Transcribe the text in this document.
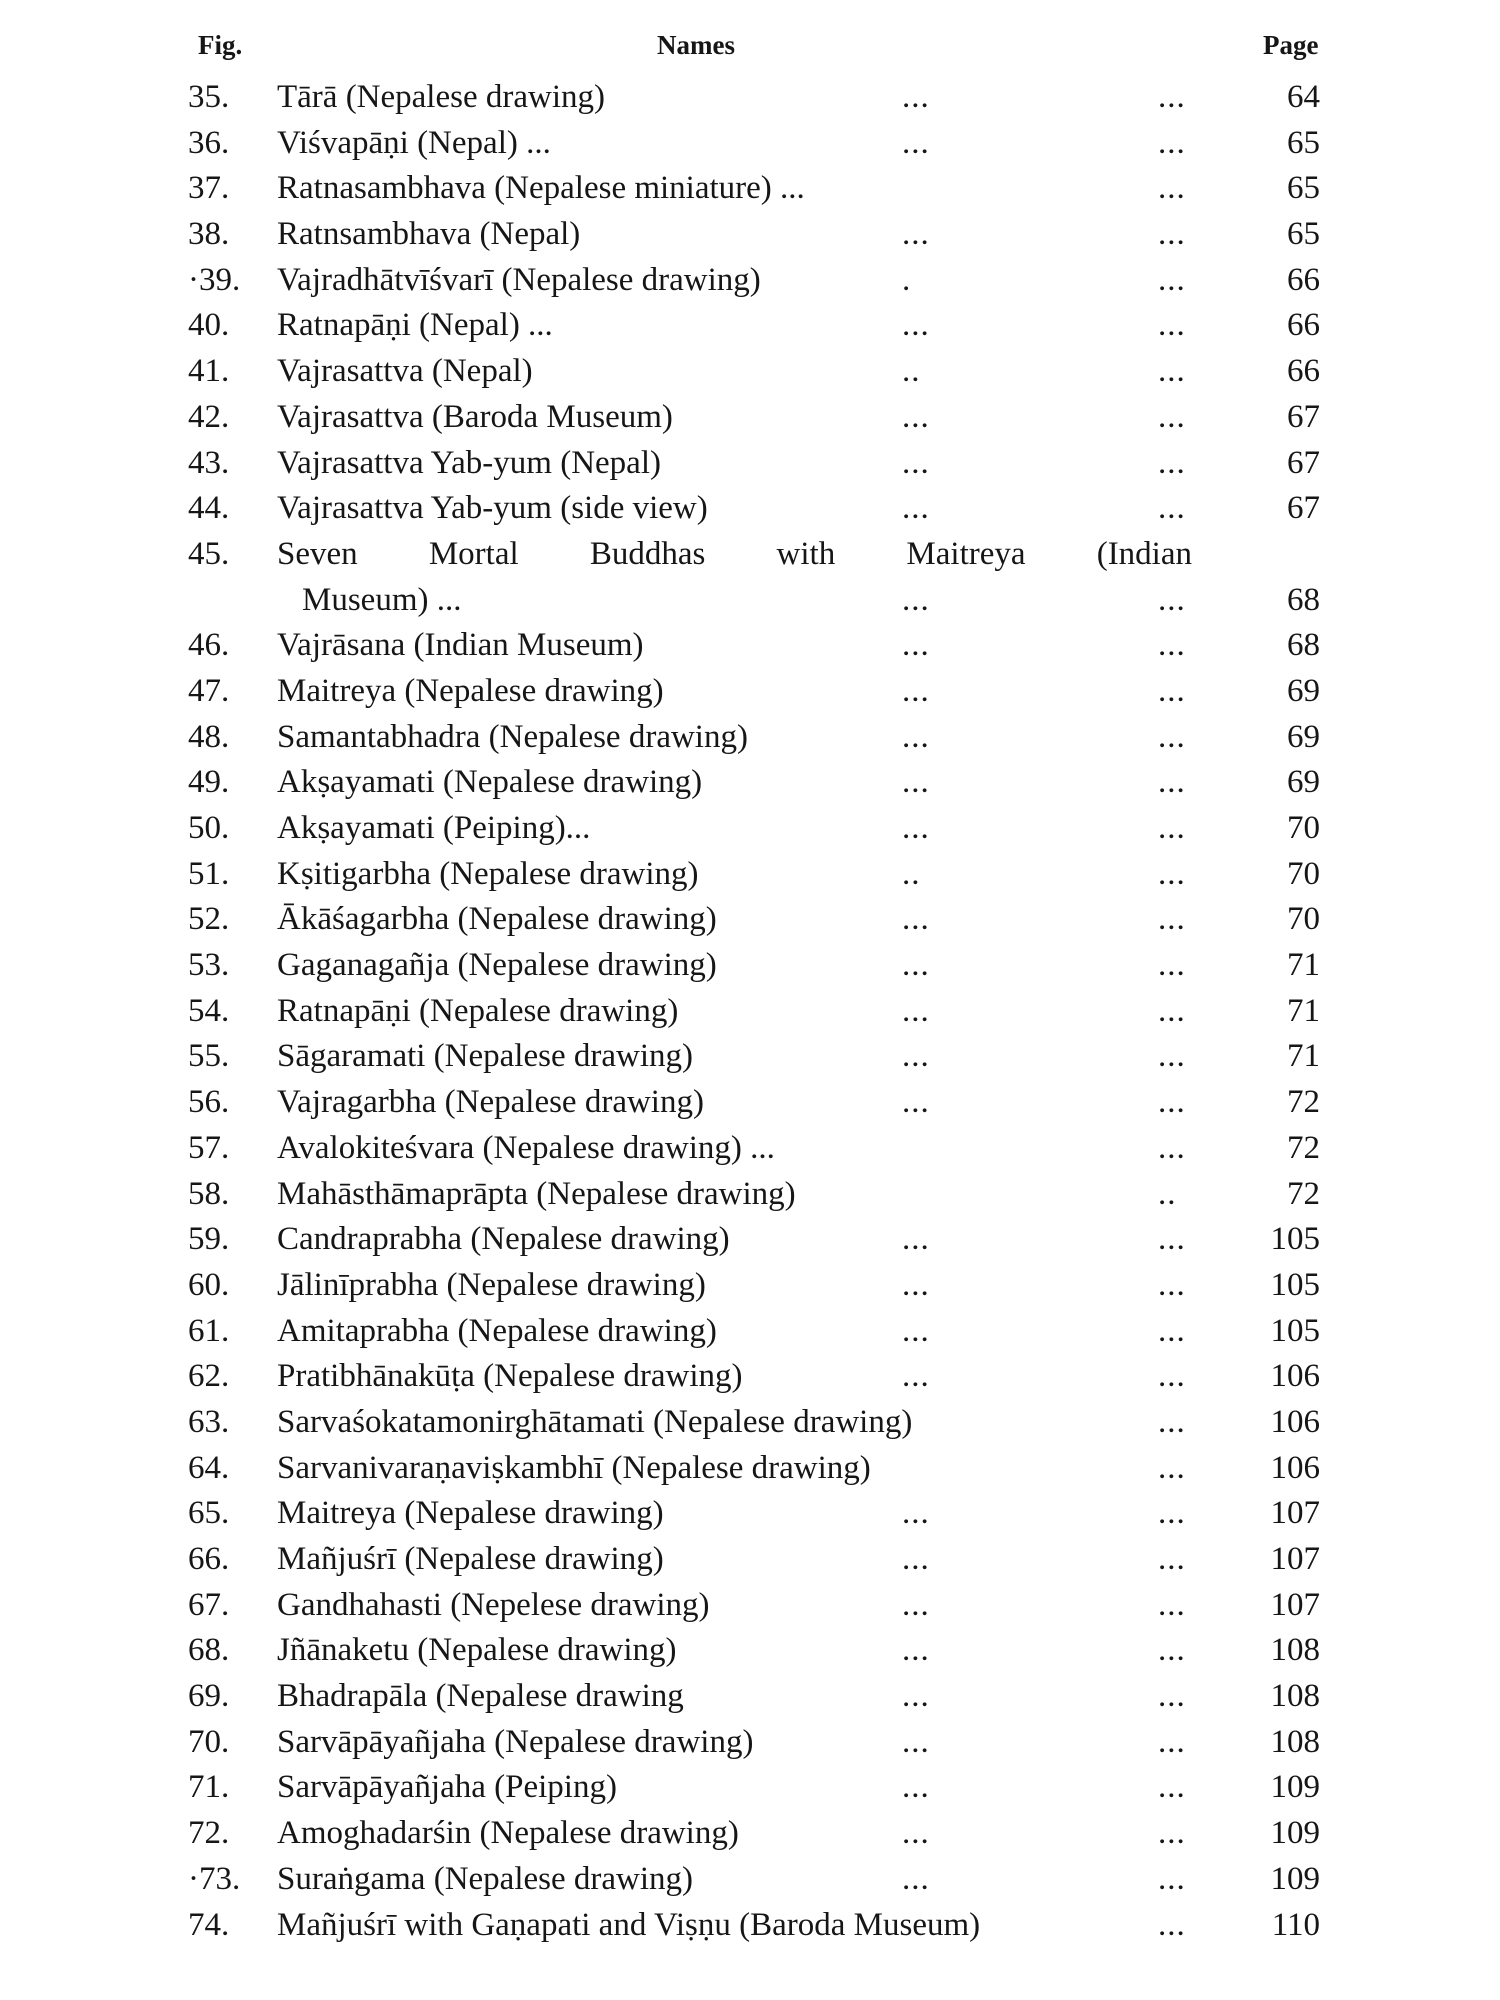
Fig.	Names	Page
35. Tārā (Nepalese drawing)	...	...	64
36. Viśvapāṇi (Nepal) ...	...	...	65
37. Ratnasambhava (Nepalese miniature) ...	...	65
38. Ratnsambhava (Nepal)	...	...	65
·39. Vajradhātvīśvarī (Nepalese drawing)	.	...	66
40. Ratnapāṇi (Nepal) ...	...	...	66
41. Vajrasattva (Nepal)	..	...	66
42. Vajrasattva (Baroda Museum)	...	...	67
43. Vajrasattva Yab-yum (Nepal)	...	...	67
44. Vajrasattva Yab-yum (side view)	...	...	67
45. Seven Mortal Buddhas with Maitreya (Indian
Museum) ...	...	...	68
46. Vajrāsana (Indian Museum)	...	...	68
47. Maitreya (Nepalese drawing)	...	...	69
48. Samantabhadra (Nepalese drawing)	...	...	69
49. Akṣayamati (Nepalese drawing)	...	...	69
50. Akṣayamati (Peiping)...	...	...	70
51. Kṣitigarbha (Nepalese drawing)	..	...	70
52. Ākāśagarbha (Nepalese drawing)	...	...	70
53. Gaganagañja (Nepalese drawing)	...	...	71
54. Ratnapāṇi (Nepalese drawing)	...	...	71
55. Sāgaramati (Nepalese drawing)	...	...	71
56. Vajragarbha (Nepalese drawing)	...	...	72
57. Avalokiteśvara (Nepalese drawing) ...	...	72
58. Mahāsthāmaprāpta (Nepalese drawing)	..	72
59. Candraprabha (Nepalese drawing)	...	...	105
60. Jālinīprabha (Nepalese drawing)	...	...	105
61. Amitaprabha (Nepalese drawing)	...	...	105
62. Pratibhānakūṭa (Nepalese drawing)	...	...	106
63. Sarvaśokatamonirghātamati (Nepalese drawing)	...	106
64. Sarvanivaraṇaviṣkambhī (Nepalese drawing)	...	106
65. Maitreya (Nepalese drawing)	...	...	107
66. Mañjuśrī (Nepalese drawing)	...	...	107
67. Gandhahasti (Nepelese drawing)	...	...	107
68. Jñānaketu (Nepalese drawing)	...	...	108
69. Bhadrapāla (Nepalese drawing	...	...	108
70. Sarvāpāyañjaha (Nepalese drawing)	...	...	108
71. Sarvāpāyañjaha (Peiping)	...	...	109
72. Amoghadarśin (Nepalese drawing)	...	...	109
·73. Suraṅgama (Nepalese drawing)	...	...	109
74. Mañjuśrī with Gaṇapati and Viṣṇu (Baroda Museum)	...	110
